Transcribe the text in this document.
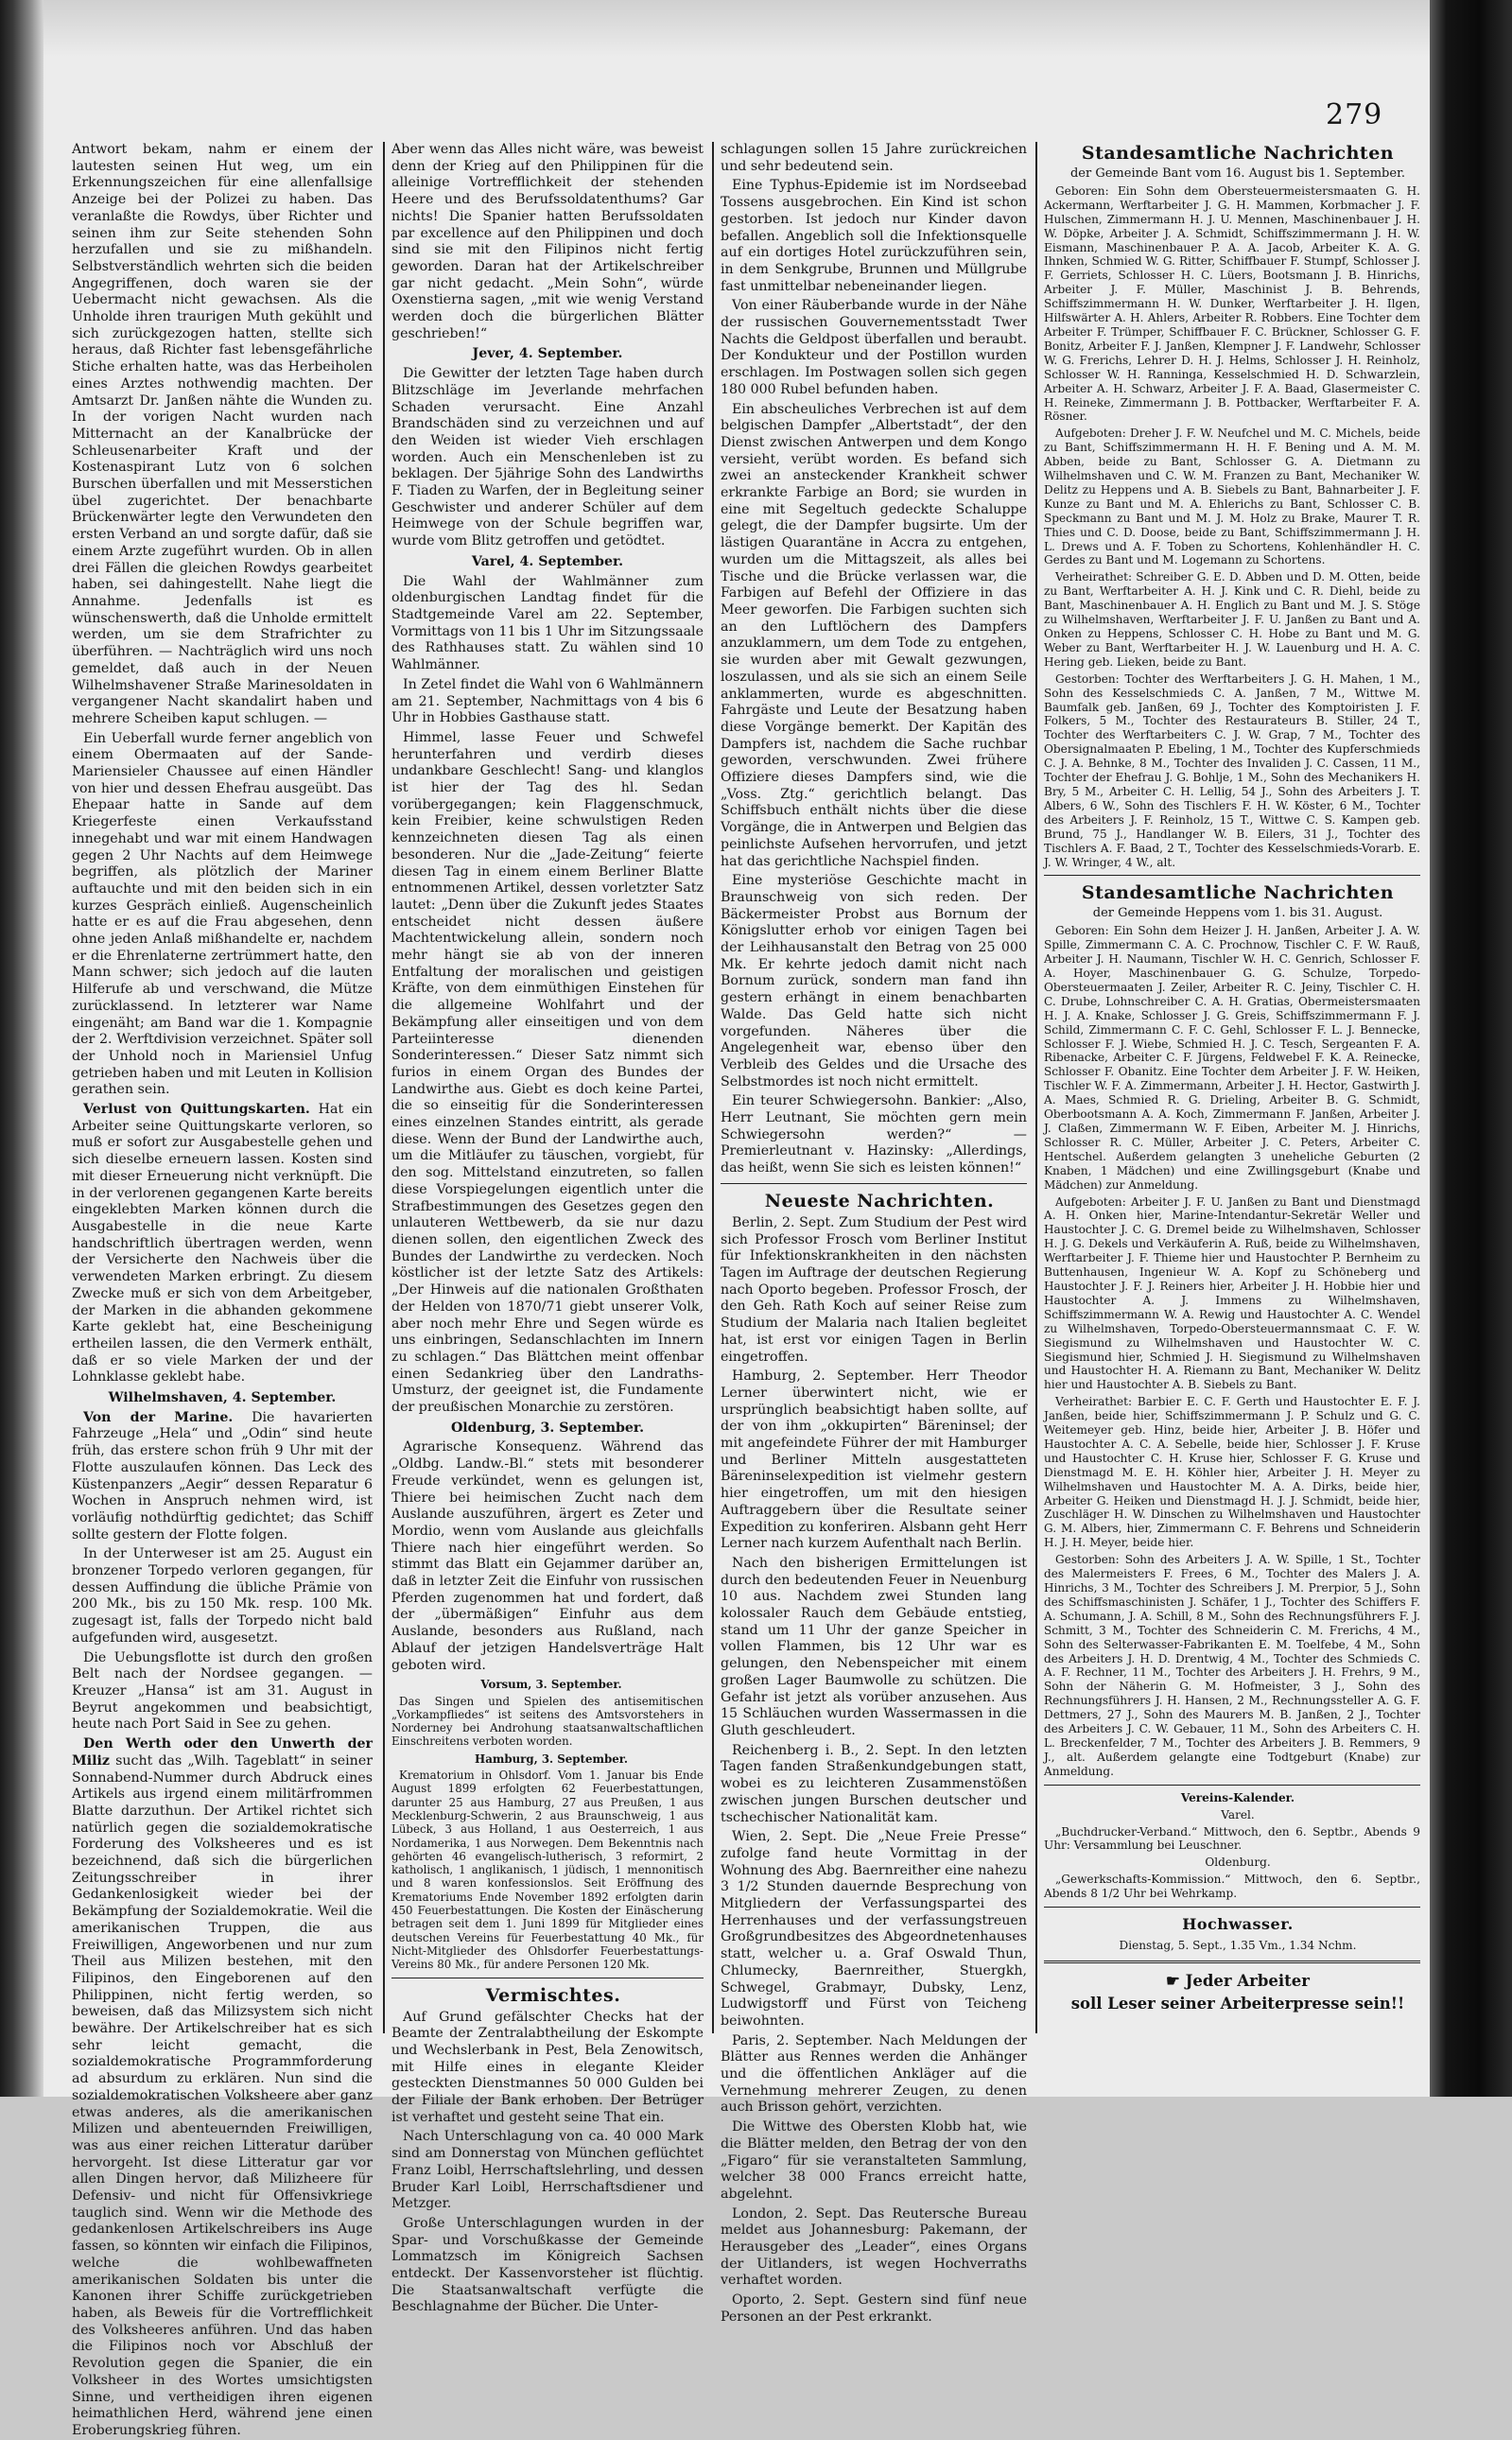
279

Antwort bekam, nahm er einem der lautesten seinen Hut weg, um ein Erkennungszeichen für eine allenfallsige Anzeige bei der Polizei zu haben. Das veranlaßte die Rowdys, über Richter und seinen ihm zur Seite stehenden Sohn herzufallen und sie zu mißhandeln. Selbstverständlich wehrten sich die beiden Angegriffenen, doch waren sie der Uebermacht nicht gewachsen. Als die Unholde ihren traurigen Muth gekühlt und sich zurückgezogen hatten, stellte sich heraus, daß Richter fast lebensgefährliche Stiche erhalten hatte, was das Herbeiholen eines Arztes nothwendig machten. Der Amtsarzt Dr. Janßen nähte die Wunden zu. In der vorigen Nacht wurden nach Mitternacht an der Kanalbrücke der Schleusenarbeiter Kraft und der Kostenaspirant Lutz von 6 solchen Burschen überfallen und mit Messerstichen übel zugerichtet. Der benachbarte Brückenwärter legte den Verwundeten den ersten Verband an und sorgte dafür, daß sie einem Arzte zugeführt wurden. Ob in allen drei Fällen die gleichen Rowdys gearbeitet haben, sei dahingestellt. Nahe liegt die Annahme. Jedenfalls ist es wünschenswerth, daß die Unholde ermittelt werden, um sie dem Strafrichter zu überführen. — Nachträglich wird uns noch gemeldet, daß auch in der Neuen Wilhelmshavener Straße Marinesoldaten in vergangener Nacht skandalirt haben und mehrere Scheiben kaput schlugen. —

Ein Ueberfall wurde ferner angeblich von einem Obermaaten auf der Sande-Mariensieler Chaussee auf einen Händler von hier und dessen Ehefrau ausgeübt. Das Ehepaar hatte in Sande auf dem Kriegerfeste einen Verkaufsstand innegehabt und war mit einem Handwagen gegen 2 Uhr Nachts auf dem Heimwege begriffen, als plötzlich der Mariner auftauchte und mit den beiden sich in ein kurzes Gespräch einließ. Augenscheinlich hatte er es auf die Frau abgesehen, denn ohne jeden Anlaß mißhandelte er, nachdem er die Ehrenlaterne zertrümmert hatte, den Mann schwer; sich jedoch auf die lauten Hilferufe ab und verschwand, die Mütze zurücklassend. In letzterer war Name eingenäht; am Band war die 1. Kompagnie der 2. Werftdivision verzeichnet. Später soll der Unhold noch in Mariensiel Unfug getrieben haben und mit Leuten in Kollision gerathen sein.

Verlust von Quittungskarten. Hat ein Arbeiter seine Quittungskarte verloren, so muß er sofort zur Ausgabestelle gehen und sich dieselbe erneuern lassen. Kosten sind mit dieser Erneuerung nicht verknüpft. Die in der verlorenen gegangenen Karte bereits eingeklebten Marken können durch die Ausgabestelle in die neue Karte handschriftlich übertragen werden, wenn der Versicherte den Nachweis über die verwendeten Marken erbringt. Zu diesem Zwecke muß er sich von dem Arbeitgeber, der Marken in die abhanden gekommene Karte geklebt hat, eine Bescheinigung ertheilen lassen, die den Vermerk enthält, daß er so viele Marken der und der Lohnklasse geklebt habe.

Wilhelmshaven, 4. September.

Von der Marine. Die havarierten Fahrzeuge „Hela“ und „Odin“ sind heute früh, das erstere schon früh 9 Uhr mit der Flotte auszulaufen können. Das Leck des Küstenpanzers „Aegir“ dessen Reparatur 6 Wochen in Anspruch nehmen wird, ist vorläufig nothdürftig gedichtet; das Schiff sollte gestern der Flotte folgen.

In der Unterweser ist am 25. August ein bronzener Torpedo verloren gegangen, für dessen Auffindung die übliche Prämie von 200 Mk., bis zu 150 Mk. resp. 100 Mk. zugesagt ist, falls der Torpedo nicht bald aufgefunden wird, ausgesetzt.

Die Uebungsflotte ist durch den großen Belt nach der Nordsee gegangen. — Kreuzer „Hansa“ ist am 31. August in Beyrut angekommen und beabsichtigt, heute nach Port Said in See zu gehen.

Den Werth oder den Unwerth der Miliz sucht das „Wilh. Tageblatt“ in seiner Sonnabend-Nummer durch Abdruck eines Artikels aus irgend einem militärfrommen Blatte darzuthun. Der Artikel richtet sich natürlich gegen die sozialdemokratische Forderung des Volksheeres und es ist bezeichnend, daß sich die bürgerlichen Zeitungsschreiber in ihrer Gedankenlosigkeit wieder bei der Bekämpfung der Sozialdemokratie. Weil die amerikanischen Truppen, die aus Freiwilligen, Angeworbenen und nur zum Theil aus Milizen bestehen, mit den Filipinos, den Eingeborenen auf den Philippinen, nicht fertig werden, so beweisen, daß das Milizsystem sich nicht bewähre. Der Artikelschreiber hat es sich sehr leicht gemacht, die sozialdemokratische Programmforderung ad absurdum zu erklären. Nun sind die sozialdemokratischen Volksheere aber ganz etwas anderes, als die amerikanischen Milizen und abenteuernden Freiwilligen, was aus einer reichen Litteratur darüber hervorgeht. Ist diese Litteratur gar vor allen Dingen hervor, daß Milizheere für Defensiv- und nicht für Offensivkriege tauglich sind. Wenn wir die Methode des gedankenlosen Artikelschreibers ins Auge fassen, so könnten wir einfach die Filipinos, welche die wohlbewaffneten amerikanischen Soldaten bis unter die Kanonen ihrer Schiffe zurückgetrieben haben, als Beweis für die Vortrefflichkeit des Volksheeres anführen. Und das haben die Filipinos noch vor Abschluß der Revolution gegen die Spanier, die ein Volksheer in des Wortes umsichtigsten Sinne, und vertheidigen ihren eigenen heimathlichen Herd, während jene einen Eroberungskrieg führen.

Aber wenn das Alles nicht wäre, was beweist denn der Krieg auf den Philippinen für die alleinige Vortrefflichkeit der stehenden Heere und des Berufssoldatenthums? Gar nichts! Die Spanier hatten Berufssoldaten par excellence auf den Philippinen und doch sind sie mit den Filipinos nicht fertig geworden. Daran hat der Artikelschreiber gar nicht gedacht. „Mein Sohn“, würde Oxenstierna sagen, „mit wie wenig Verstand werden doch die bürgerlichen Blätter geschrieben!“

Jever, 4. September.

Die Gewitter der letzten Tage haben durch Blitzschläge im Jeverlande mehrfachen Schaden verursacht. Eine Anzahl Brandschäden sind zu verzeichnen und auf den Weiden ist wieder Vieh erschlagen worden. Auch ein Menschenleben ist zu beklagen. Der 5jährige Sohn des Landwirths F. Tiaden zu Warfen, der in Begleitung seiner Geschwister und anderer Schüler auf dem Heimwege von der Schule begriffen war, wurde vom Blitz getroffen und getödtet.

Varel, 4. September.

Die Wahl der Wahlmänner zum oldenburgischen Landtag findet für die Stadtgemeinde Varel am 22. September, Vormittags von 11 bis 1 Uhr im Sitzungssaale des Rathhauses statt. Zu wählen sind 10 Wahlmänner.

In Zetel findet die Wahl von 6 Wahlmännern am 21. September, Nachmittags von 4 bis 6 Uhr in Hobbies Gasthause statt.

Himmel, lasse Feuer und Schwefel herunterfahren und verdirb dieses undankbare Geschlecht! Sang- und klanglos ist hier der Tag des hl. Sedan vorübergegangen; kein Flaggenschmuck, kein Freibier, keine schwulstigen Reden kennzeichneten diesen Tag als einen besonderen. Nur die „Jade-Zeitung“ feierte diesen Tag in einem einem Berliner Blatte entnommenen Artikel, dessen vorletzter Satz lautet: „Denn über die Zukunft jedes Staates entscheidet nicht dessen äußere Machtentwickelung allein, sondern noch mehr hängt sie ab von der inneren Entfaltung der moralischen und geistigen Kräfte, von dem einmüthigen Einstehen für die allgemeine Wohlfahrt und der Bekämpfung aller einseitigen und von dem Parteiinteresse dienenden Sonderinteressen.“ Dieser Satz nimmt sich furios in einem Organ des Bundes der Landwirthe aus. Giebt es doch keine Partei, die so einseitig für die Sonderinteressen eines einzelnen Standes eintritt, als gerade diese. Wenn der Bund der Landwirthe auch, um die Mitläufer zu täuschen, vorgiebt, für den sog. Mittelstand einzutreten, so fallen diese Vorspiegelungen eigentlich unter die Strafbestimmungen des Gesetzes gegen den unlauteren Wettbewerb, da sie nur dazu dienen sollen, den eigentlichen Zweck des Bundes der Landwirthe zu verdecken. Noch köstlicher ist der letzte Satz des Artikels: „Der Hinweis auf die nationalen Großthaten der Helden von 1870/71 giebt unserer Volk, aber noch mehr Ehre und Segen würde es uns einbringen, Sedanschlachten im Innern zu schlagen.“ Das Blättchen meint offenbar einen Sedankrieg über den Landraths-Umsturz, der geeignet ist, die Fundamente der preußischen Monarchie zu zerstören.

Oldenburg, 3. September.

Agrarische Konsequenz. Während das „Oldbg. Landw.-Bl.“ stets mit besonderer Freude verkündet, wenn es gelungen ist, Thiere bei heimischen Zucht nach dem Auslande auszuführen, ärgert es Zeter und Mordio, wenn vom Auslande aus gleichfalls Thiere nach hier eingeführt werden. So stimmt das Blatt ein Gejammer darüber an, daß in letzter Zeit die Einfuhr von russischen Pferden zugenommen hat und fordert, daß der „übermäßigen“ Einfuhr aus dem Auslande, besonders aus Rußland, nach Ablauf der jetzigen Handelsverträge Halt geboten wird.

Vorsum, 3. September.

Das Singen und Spielen des antisemitischen „Vorkampfliedes“ ist seitens des Amtsvorstehers in Norderney bei Androhung staatsanwaltschaftlichen Einschreitens verboten worden.

Hamburg, 3. September.

Krematorium in Ohlsdorf. Vom 1. Januar bis Ende August 1899 erfolgten 62 Feuerbestattungen, darunter 25 aus Hamburg, 27 aus Preußen, 1 aus Mecklenburg-Schwerin, 2 aus Braunschweig, 1 aus Lübeck, 3 aus Holland, 1 aus Oesterreich, 1 aus Nordamerika, 1 aus Norwegen. Dem Bekenntnis nach gehörten 46 evangelisch-lutherisch, 3 reformirt, 2 katholisch, 1 anglikanisch, 1 jüdisch, 1 mennonitisch und 8 waren konfessionslos. Seit Eröffnung des Krematoriums Ende November 1892 erfolgten darin 450 Feuerbestattungen. Die Kosten der Einäscherung betragen seit dem 1. Juni 1899 für Mitglieder eines deutschen Vereins für Feuerbestattung 40 Mk., für Nicht-Mitglieder des Ohlsdorfer Feuerbestattungs-Vereins 80 Mk., für andere Personen 120 Mk.

Vermischtes.

Auf Grund gefälschter Checks hat der Beamte der Zentralabtheilung der Eskompte und Wechslerbank in Pest, Bela Zenowitsch, mit Hilfe eines in elegante Kleider gesteckten Dienstmannes 50 000 Gulden bei der Filiale der Bank erhoben. Der Betrüger ist verhaftet und gesteht seine That ein.

Nach Unterschlagung von ca. 40 000 Mark sind am Donnerstag von München geflüchtet Franz Loibl, Herrschaftslehrling, und dessen Bruder Karl Loibl, Herrschaftsdiener und Metzger.

Große Unterschlagungen wurden in der Spar- und Vorschußkasse der Gemeinde Lommatzsch im Königreich Sachsen entdeckt. Der Kassenvorsteher ist flüchtig. Die Staatsanwaltschaft verfügte die Beschlagnahme der Bücher. Die Unter-

schlagungen sollen 15 Jahre zurückreichen und sehr bedeutend sein.

Eine Typhus-Epidemie ist im Nordseebad Tossens ausgebrochen. Ein Kind ist schon gestorben. Ist jedoch nur Kinder davon befallen. Angeblich soll die Infektionsquelle auf ein dortiges Hotel zurückzuführen sein, in dem Senkgrube, Brunnen und Müllgrube fast unmittelbar nebeneinander liegen.

Von einer Räuberbande wurde in der Nähe der russischen Gouvernementsstadt Twer Nachts die Geldpost überfallen und beraubt. Der Kondukteur und der Postillon wurden erschlagen. Im Postwagen sollen sich gegen 180 000 Rubel befunden haben.

Ein abscheuliches Verbrechen ist auf dem belgischen Dampfer „Albertstadt“, der den Dienst zwischen Antwerpen und dem Kongo versieht, verübt worden. Es befand sich zwei an ansteckender Krankheit schwer erkrankte Farbige an Bord; sie wurden in eine mit Segeltuch gedeckte Schaluppe gelegt, die der Dampfer bugsirte. Um der lästigen Quarantäne in Accra zu entgehen, wurden um die Mittagszeit, als alles bei Tische und die Brücke verlassen war, die Farbigen auf Befehl der Offiziere in das Meer geworfen. Die Farbigen suchten sich an den Luftlöchern des Dampfers anzuklammern, um dem Tode zu entgehen, sie wurden aber mit Gewalt gezwungen, loszulassen, und als sie sich an einem Seile anklammerten, wurde es abgeschnitten. Fahrgäste und Leute der Besatzung haben diese Vorgänge bemerkt. Der Kapitän des Dampfers ist, nachdem die Sache ruchbar geworden, verschwunden. Zwei frühere Offiziere dieses Dampfers sind, wie die „Voss. Ztg.“ gerichtlich belangt. Das Schiffsbuch enthält nichts über die diese Vorgänge, die in Antwerpen und Belgien das peinlichste Aufsehen hervorrufen, und jetzt hat das gerichtliche Nachspiel finden.

Eine mysteriöse Geschichte macht in Braunschweig von sich reden. Der Bäckermeister Probst aus Bornum der Königslutter erhob vor einigen Tagen bei der Leihhausanstalt den Betrag von 25 000 Mk. Er kehrte jedoch damit nicht nach Bornum zurück, sondern man fand ihn gestern erhängt in einem benachbarten Walde. Das Geld hatte sich nicht vorgefunden. Näheres über die Angelegenheit war, ebenso über den Verbleib des Geldes und die Ursache des Selbstmordes ist noch nicht ermittelt.

Ein teurer Schwiegersohn. Bankier: „Also, Herr Leutnant, Sie möchten gern mein Schwiegersohn werden?“ — Premierleutnant v. Hazinsky: „Allerdings, das heißt, wenn Sie sich es leisten können!“

Neueste Nachrichten.

Berlin, 2. Sept. Zum Studium der Pest wird sich Professor Frosch vom Berliner Institut für Infektionskrankheiten in den nächsten Tagen im Auftrage der deutschen Regierung nach Oporto begeben. Professor Frosch, der den Geh. Rath Koch auf seiner Reise zum Studium der Malaria nach Italien begleitet hat, ist erst vor einigen Tagen in Berlin eingetroffen.

Hamburg, 2. September. Herr Theodor Lerner überwintert nicht, wie er ursprünglich beabsichtigt haben sollte, auf der von ihm „okkupirten“ Bäreninsel; der mit angefeindete Führer der mit Hamburger und Berliner Mitteln ausgestatteten Bäreninselexpedition ist vielmehr gestern hier eingetroffen, um mit den hiesigen Auftraggebern über die Resultate seiner Expedition zu konferiren. Alsbann geht Herr Lerner nach kurzem Aufenthalt nach Berlin.

Nach den bisherigen Ermittelungen ist durch den bedeutenden Feuer in Neuenburg 10 aus. Nachdem zwei Stunden lang kolossaler Rauch dem Gebäude entstieg, stand um 11 Uhr der ganze Speicher in vollen Flammen, bis 12 Uhr war es gelungen, den Nebenspeicher mit einem großen Lager Baumwolle zu schützen. Die Gefahr ist jetzt als vorüber anzusehen. Aus 15 Schläuchen wurden Wassermassen in die Gluth geschleudert.

Reichenberg i. B., 2. Sept. In den letzten Tagen fanden Straßenkundgebungen statt, wobei es zu leichteren Zusammenstößen zwischen jungen Burschen deutscher und tschechischer Nationalität kam.

Wien, 2. Sept. Die „Neue Freie Presse“ zufolge fand heute Vormittag in der Wohnung des Abg. Baernreither eine nahezu 3 1/2 Stunden dauernde Besprechung von Mitgliedern der Verfassungspartei des Herrenhauses und der verfassungstreuen Großgrundbesitzes des Abgeordnetenhauses statt, welcher u. a. Graf Oswald Thun, Chlumecky, Baernreither, Stuergkh, Schwegel, Grabmayr, Dubsky, Lenz, Ludwigstorff und Fürst von Teicheng beiwohnten.

Paris, 2. September. Nach Meldungen der Blätter aus Rennes werden die Anhänger und die öffentlichen Ankläger auf die Vernehmung mehrerer Zeugen, zu denen auch Brisson gehört, verzichten.

Die Wittwe des Obersten Klobb hat, wie die Blätter melden, den Betrag der von den „Figaro“ für sie veranstalteten Sammlung, welcher 38 000 Francs erreicht hatte, abgelehnt.

London, 2. Sept. Das Reutersche Bureau meldet aus Johannesburg: Pakemann, der Herausgeber des „Leader“, eines Organs der Uitlanders, ist wegen Hochverraths verhaftet worden.

Oporto, 2. Sept. Gestern sind fünf neue Personen an der Pest erkrankt.

Standesamtliche Nachrichten

der Gemeinde Bant vom 16. August bis 1. September.

Geboren: Ein Sohn dem Obersteuermeistersmaaten G. H. Ackermann, Werftarbeiter J. G. H. Mammen, Korbmacher J. F. Hulschen, Zimmermann H. J. U. Mennen, Maschinenbauer J. H. W. Döpke, Arbeiter J. A. Schmidt, Schiffszimmermann J. H. W. Eismann, Maschinenbauer P. A. A. Jacob, Arbeiter K. A. G. Ihnken, Schmied W. G. Ritter, Schiffbauer F. Stumpf, Schlosser J. F. Gerriets, Schlosser H. C. Lüers, Bootsmann J. B. Hinrichs, Arbeiter J. F. Müller, Maschinist J. B. Behrends, Schiffszimmermann H. W. Dunker, Werftarbeiter J. H. Ilgen, Hilfswärter A. H. Ahlers, Arbeiter R. Robbers. Eine Tochter dem Arbeiter F. Trümper, Schiffbauer F. C. Brückner, Schlosser G. F. Bonitz, Arbeiter F. J. Janßen, Klempner J. F. Landwehr, Schlosser W. G. Frerichs, Lehrer D. H. J. Helms, Schlosser J. H. Reinholz, Schlosser W. H. Ranninga, Kesselschmied H. D. Schwarzlein, Arbeiter A. H. Schwarz, Arbeiter J. F. A. Baad, Glasermeister C. H. Reineke, Zimmermann J. B. Pottbacker, Werftarbeiter F. A. Rösner.

Aufgeboten: Dreher J. F. W. Neufchel und M. C. Michels, beide zu Bant, Schiffszimmermann H. H. F. Bening und A. M. M. Abben, beide zu Bant, Schlosser G. A. Dietmann zu Wilhelmshaven und C. W. M. Franzen zu Bant, Mechaniker W. Delitz zu Heppens und A. B. Siebels zu Bant, Bahnarbeiter J. F. Kunze zu Bant und M. A. Ehlerichs zu Bant, Schlosser C. B. Speckmann zu Bant und M. J. M. Holz zu Brake, Maurer T. R. Thies und C. D. Doose, beide zu Bant, Schiffszimmermann J. H. L. Drews und A. F. Toben zu Schortens, Kohlenhändler H. C. Gerdes zu Bant und M. Logemann zu Schortens.

Verheirathet: Schreiber G. E. D. Abben und D. M. Otten, beide zu Bant, Werftarbeiter A. H. J. Kink und C. R. Diehl, beide zu Bant, Maschinenbauer A. H. Englich zu Bant und M. J. S. Stöge zu Wilhelmshaven, Werftarbeiter J. F. U. Janßen zu Bant und A. Onken zu Heppens, Schlosser C. H. Hobe zu Bant und M. G. Weber zu Bant, Werftarbeiter H. J. W. Lauenburg und H. A. C. Hering geb. Lieken, beide zu Bant.

Gestorben: Tochter des Werftarbeiters J. G. H. Mahen, 1 M., Sohn des Kesselschmieds C. A. Janßen, 7 M., Wittwe M. Baumfalk geb. Janßen, 69 J., Tochter des Komptoiristen J. F. Folkers, 5 M., Tochter des Restaurateurs B. Stiller, 24 T., Tochter des Werftarbeiters C. J. W. Grap, 7 M., Tochter des Obersignalmaaten P. Ebeling, 1 M., Tochter des Kupferschmieds C. J. A. Behnke, 8 M., Tochter des Invaliden J. C. Cassen, 11 M., Tochter der Ehefrau J. G. Bohlje, 1 M., Sohn des Mechanikers H. Bry, 5 M., Arbeiter C. H. Lellig, 54 J., Sohn des Arbeiters J. T. Albers, 6 W., Sohn des Tischlers F. H. W. Köster, 6 M., Tochter des Arbeiters J. F. Reinholz, 15 T., Wittwe C. S. Kampen geb. Brund, 75 J., Handlanger W. B. Eilers, 31 J., Tochter des Tischlers A. F. Baad, 2 T., Tochter des Kesselschmieds-Vorarb. E. J. W. Wringer, 4 W., alt.

Standesamtliche Nachrichten

der Gemeinde Heppens vom 1. bis 31. August.

Geboren: Ein Sohn dem Heizer J. H. Janßen, Arbeiter J. A. W. Spille, Zimmermann C. A. C. Prochnow, Tischler C. F. W. Rauß, Arbeiter J. H. Naumann, Tischler W. H. C. Genrich, Schlosser F. A. Hoyer, Maschinenbauer G. G. Schulze, Torpedo-Obersteuermaaten J. Zeiler, Arbeiter R. C. Jeiny, Tischler C. H. C. Drube, Lohnschreiber C. A. H. Gratias, Obermeistersmaaten H. J. A. Knake, Schlosser J. G. Greis, Schiffszimmermann F. J. Schild, Zimmermann C. F. C. Gehl, Schlosser F. L. J. Bennecke, Schlosser F. J. Wiebe, Schmied H. J. C. Tesch, Sergeanten F. A. Ribenacke, Arbeiter C. F. Jürgens, Feldwebel F. K. A. Reinecke, Schlosser F. Obanitz. Eine Tochter dem Arbeiter J. F. W. Heiken, Tischler W. F. A. Zimmermann, Arbeiter J. H. Hector, Gastwirth J. A. Maes, Schmied R. G. Drieling, Arbeiter B. G. Schmidt, Oberbootsmann A. A. Koch, Zimmermann F. Janßen, Arbeiter J. J. Claßen, Zimmermann W. F. Eiben, Arbeiter M. J. Hinrichs, Schlosser R. C. Müller, Arbeiter J. C. Peters, Arbeiter C. Hentschel. Außerdem gelangten 3 uneheliche Geburten (2 Knaben, 1 Mädchen) und eine Zwillingsgeburt (Knabe und Mädchen) zur Anmeldung.

Aufgeboten: Arbeiter J. F. U. Janßen zu Bant und Dienstmagd A. H. Onken hier, Marine-Intendantur-Sekretär Weller und Haustochter J. C. G. Dremel beide zu Wilhelmshaven, Schlosser H. J. G. Dekels und Verkäuferin A. Ruß, beide zu Wilhelmshaven, Werftarbeiter J. F. Thieme hier und Haustochter P. Bernheim zu Buttenhausen, Ingenieur W. A. Kopf zu Schöneberg und Haustochter J. F. J. Reiners hier, Arbeiter J. H. Hobbie hier und Haustochter A. J. Immens zu Wilhelmshaven, Schiffszimmermann W. A. Rewig und Haustochter A. C. Wendel zu Wilhelmshaven, Torpedo-Obersteuermannsmaat C. F. W. Siegismund zu Wilhelmshaven und Haustochter W. C. Siegismund hier, Schmied J. H. Siegismund zu Wilhelmshaven und Haustochter H. A. Riemann zu Bant, Mechaniker W. Delitz hier und Haustochter A. B. Siebels zu Bant.

Verheirathet: Barbier E. C. F. Gerth und Haustochter E. F. J. Janßen, beide hier, Schiffszimmermann J. P. Schulz und G. C. Weitemeyer geb. Hinz, beide hier, Arbeiter J. B. Höfer und Haustochter A. C. A. Sebelle, beide hier, Schlosser J. F. Kruse und Haustochter C. H. Kruse hier, Schlosser F. G. Kruse und Dienstmagd M. E. H. Köhler hier, Arbeiter J. H. Meyer zu Wilhelmshaven und Haustochter M. A. A. Dirks, beide hier, Arbeiter G. Heiken und Dienstmagd H. J. J. Schmidt, beide hier, Zuschläger H. W. Dinschen zu Wilhelmshaven und Haustochter G. M. Albers, hier, Zimmermann C. F. Behrens und Schneiderin H. J. H. Meyer, beide hier.

Gestorben: Sohn des Arbeiters J. A. W. Spille, 1 St., Tochter des Malermeisters F. Frees, 6 M., Tochter des Malers J. A. Hinrichs, 3 M., Tochter des Schreibers J. M. Prerpior, 5 J., Sohn des Schiffsmaschinisten J. Schäfer, 1 J., Tochter des Schiffers F. A. Schumann, J. A. Schill, 8 M., Sohn des Rechnungsführers F. J. Schmitt, 3 M., Tochter des Schneiderin C. M. Frerichs, 4 M., Sohn des Selterwasser-Fabrikanten E. M. Toelfebe, 4 M., Sohn des Arbeiters J. H. D. Drentwig, 4 M., Tochter des Schmieds C. A. F. Rechner, 11 M., Tochter des Arbeiters J. H. Frehrs, 9 M., Sohn der Näherin G. M. Hofmeister, 3 J., Sohn des Rechnungsführers J. H. Hansen, 2 M., Rechnungssteller A. G. F. Dettmers, 27 J., Sohn des Maurers M. B. Janßen, 2 J., Tochter des Arbeiters J. C. W. Gebauer, 11 M., Sohn des Arbeiters C. H. L. Breckenfelder, 7 M., Tochter des Arbeiters J. B. Remmers, 9 J., alt. Außerdem gelangte eine Todtgeburt (Knabe) zur Anmeldung.

Vereins-Kalender.

Varel.

„Buchdrucker-Verband.“ Mittwoch, den 6. Septbr., Abends 9 Uhr: Versammlung bei Leuschner.

Oldenburg.

„Gewerkschafts-Kommission.“ Mittwoch, den 6. Septbr., Abends 8 1/2 Uhr bei Wehrkamp.

Hochwasser.

Dienstag, 5. Sept., 1.35 Vm., 1.34 Nchm.

☛ Jeder Arbeiter

soll Leser seiner Arbeiterpresse sein!!
